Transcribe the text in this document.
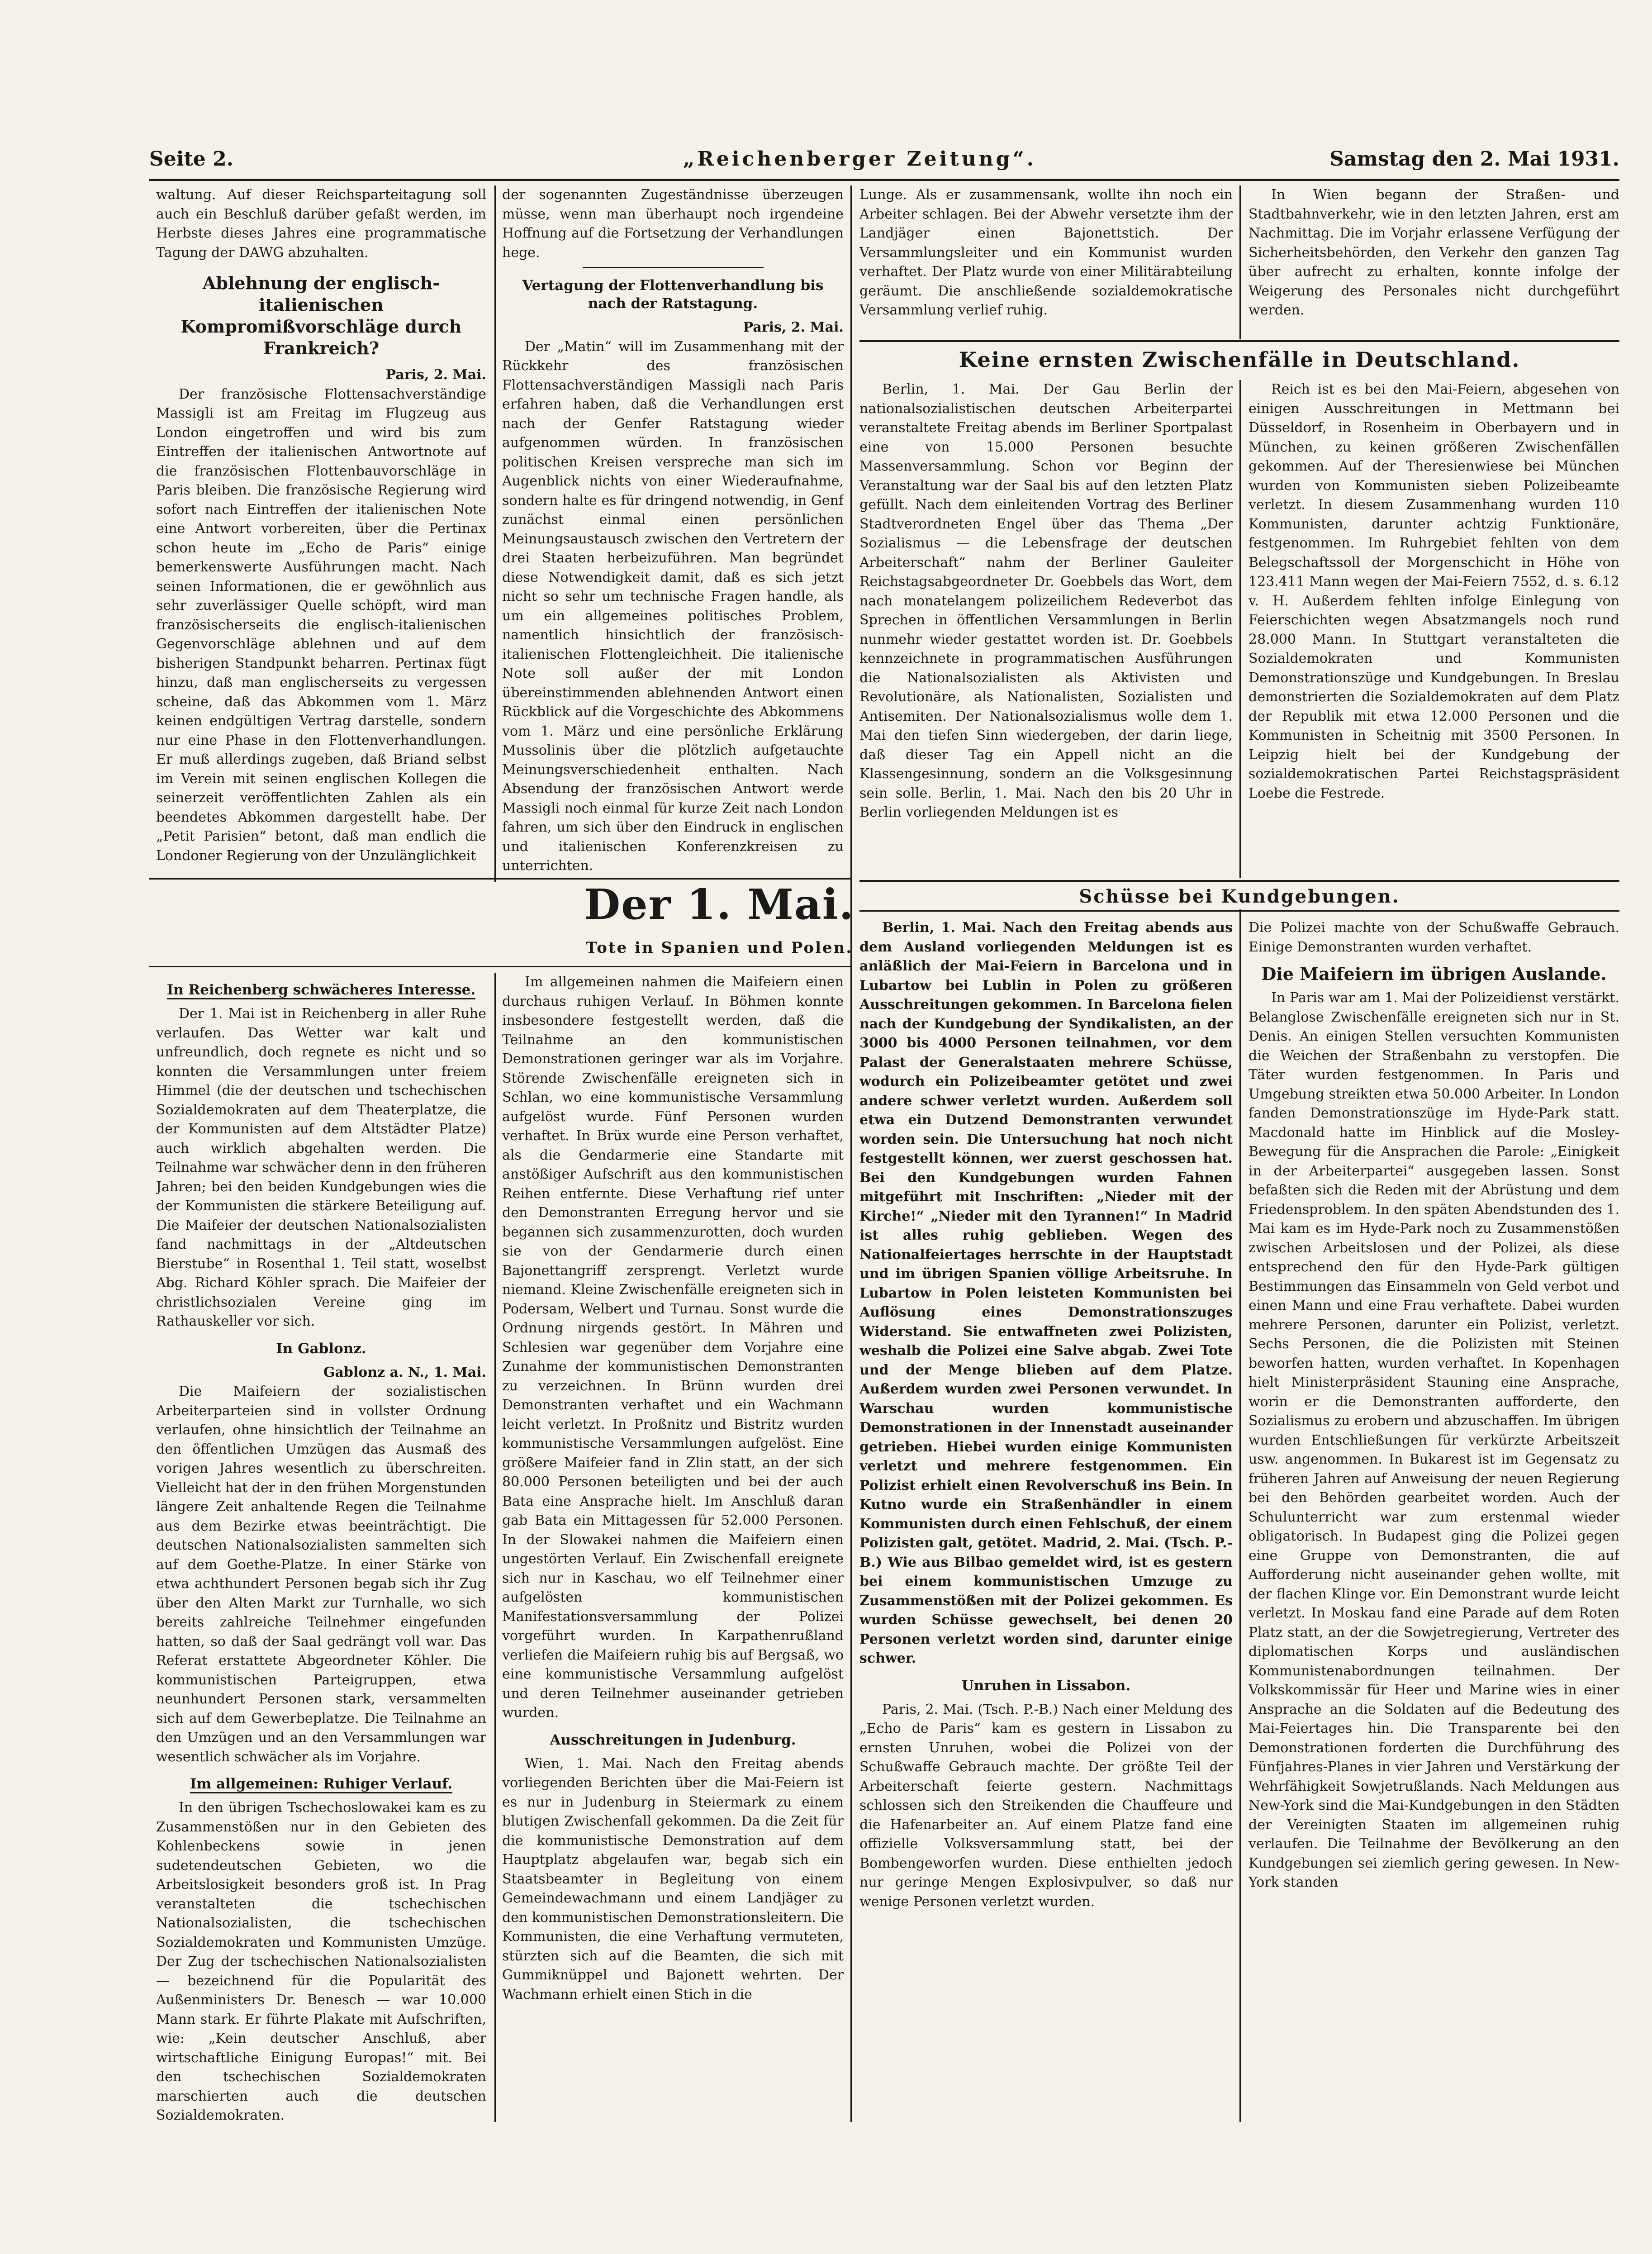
Seite 2.	„Reichenberger Zeitung“.	Samstag den 2. Mai 1931.

waltung. Auf dieser Reichsparteitagung soll auch ein Beschluß darüber gefaßt werden, im Herbste dieses Jahres eine programmatische Tagung der DAWG abzuhalten.

Ablehnung der englisch-italienischen Kompromißvorschläge durch Frankreich?

Paris, 2. Mai.

Der französische Flottensachverständige Massigli ist am Freitag im Flugzeug aus London eingetroffen und wird bis zum Eintreffen der italienischen Antwortnote auf die französischen Flottenbauvorschläge in Paris bleiben. Die französische Regierung wird sofort nach Eintreffen der italienischen Note eine Antwort vorbereiten, über die Pertinax schon heute im „Echo de Paris“ einige bemerkenswerte Ausführungen macht. Nach seinen Informationen, die er gewöhnlich aus sehr zuverlässiger Quelle schöpft, wird man französischerseits die englisch-italienischen Gegenvorschläge ablehnen und auf dem bisherigen Standpunkt beharren. Pertinax fügt hinzu, daß man englischerseits zu vergessen scheine, daß das Abkommen vom 1. März keinen endgültigen Vertrag darstelle, sondern nur eine Phase in den Flottenverhandlungen. Er muß allerdings zugeben, daß Briand selbst im Verein mit seinen englischen Kollegen die seinerzeit veröffentlichten Zahlen als ein beendetes Abkommen dargestellt habe. Der „Petit Parisien“ betont, daß man endlich die Londoner Regierung von der Unzulänglichkeit

der sogenannten Zugeständnisse überzeugen müsse, wenn man überhaupt noch irgendeine Hoffnung auf die Fortsetzung der Verhandlungen hege.

Vertagung der Flottenverhandlung bis nach der Ratstagung.

Paris, 2. Mai.

Der „Matin“ will im Zusammenhang mit der Rückkehr des französischen Flottensachverständigen Massigli nach Paris erfahren haben, daß die Verhandlungen erst nach der Genfer Ratstagung wieder aufgenommen würden. In französischen politischen Kreisen verspreche man sich im Augenblick nichts von einer Wiederaufnahme, sondern halte es für dringend notwendig, in Genf zunächst einmal einen persönlichen Meinungsaustausch zwischen den Vertretern der drei Staaten herbeizuführen. Man begründet diese Notwendigkeit damit, daß es sich jetzt nicht so sehr um technische Fragen handle, als um ein allgemeines politisches Problem, namentlich hinsichtlich der französisch-italienischen Flottengleichheit. Die italienische Note soll außer der mit London übereinstimmenden ablehnenden Antwort einen Rückblick auf die Vorgeschichte des Abkommens vom 1. März und eine persönliche Erklärung Mussolinis über die plötzlich aufgetauchte Meinungsverschiedenheit enthalten. Nach Absendung der französischen Antwort werde Massigli noch einmal für kurze Zeit nach London fahren, um sich über den Eindruck in englischen und italienischen Konferenzkreisen zu unterrichten.

Lunge. Als er zusammensank, wollte ihn noch ein Arbeiter schlagen. Bei der Abwehr versetzte ihm der Landjäger einen Bajonettstich. Der Versammlungsleiter und ein Kommunist wurden verhaftet. Der Platz wurde von einer Militärabteilung geräumt. Die anschließende sozialdemokratische Versammlung verlief ruhig.

In Wien begann der Straßen- und Stadtbahnverkehr, wie in den letzten Jahren, erst am Nachmittag. Die im Vorjahr erlassene Verfügung der Sicherheitsbehörden, den Verkehr den ganzen Tag über aufrecht zu erhalten, konnte infolge der Weigerung des Personales nicht durchgeführt werden.

Keine ernsten Zwischenfälle in Deutschland.

Berlin, 1. Mai. Der Gau Berlin der nationalsozialistischen deutschen Arbeiterpartei veranstaltete Freitag abends im Berliner Sportpalast eine von 15.000 Personen besuchte Massenversammlung. Schon vor Beginn der Veranstaltung war der Saal bis auf den letzten Platz gefüllt. Nach dem einleitenden Vortrag des Berliner Stadtverordneten Engel über das Thema „Der Sozialismus — die Lebensfrage der deutschen Arbeiterschaft“ nahm der Berliner Gauleiter Reichstagsabgeordneter Dr. Goebbels das Wort, dem nach monatelangem polizeilichem Redeverbot das Sprechen in öffentlichen Versammlungen in Berlin nunmehr wieder gestattet worden ist. Dr. Goebbels kennzeichnete in programmatischen Ausführungen die Nationalsozialisten als Aktivisten und Revolutionäre, als Nationalisten, Sozialisten und Antisemiten. Der Nationalsozialismus wolle dem 1. Mai den tiefen Sinn wiedergeben, der darin liege, daß dieser Tag ein Appell nicht an die Klassengesinnung, sondern an die Volksgesinnung sein solle. Berlin, 1. Mai. Nach den bis 20 Uhr in Berlin vorliegenden Meldungen ist es

Reich ist es bei den Mai-Feiern, abgesehen von einigen Ausschreitungen in Mettmann bei Düsseldorf, in Rosenheim in Oberbayern und in München, zu keinen größeren Zwischenfällen gekommen. Auf der Theresienwiese bei München wurden von Kommunisten sieben Polizeibeamte verletzt. In diesem Zusammenhang wurden 110 Kommunisten, darunter achtzig Funktionäre, festgenommen. Im Ruhrgebiet fehlten von dem Belegschaftssoll der Morgenschicht in Höhe von 123.411 Mann wegen der Mai-Feiern 7552, d. s. 6.12 v. H. Außerdem fehlten infolge Einlegung von Feierschichten wegen Absatzmangels noch rund 28.000 Mann. In Stuttgart veranstalteten die Sozialdemokraten und Kommunisten Demonstrationszüge und Kundgebungen. In Breslau demonstrierten die Sozialdemokraten auf dem Platz der Republik mit etwa 12.000 Personen und die Kommunisten in Scheitnig mit 3500 Personen. In Leipzig hielt bei der Kundgebung der sozialdemokratischen Partei Reichstagspräsident Loebe die Festrede.

Der 1. Mai.
Tote in Spanien und Polen.
Schüsse bei Kundgebungen.
In Reichenberg schwächeres Interesse.

Der 1. Mai ist in Reichenberg in aller Ruhe verlaufen. Das Wetter war kalt und unfreundlich, doch regnete es nicht und so konnten die Versammlungen unter freiem Himmel (die der deutschen und tschechischen Sozialdemokraten auf dem Theaterplatze, die der Kommunisten auf dem Altstädter Platze) auch wirklich abgehalten werden. Die Teilnahme war schwächer denn in den früheren Jahren; bei den beiden Kundgebungen wies die der Kommunisten die stärkere Beteiligung auf. Die Maifeier der deutschen Nationalsozialisten fand nachmittags in der „Altdeutschen Bierstube“ in Rosenthal 1. Teil statt, woselbst Abg. Richard Köhler sprach. Die Maifeier der christlichsozialen Vereine ging im Rathauskeller vor sich.

In Gablonz.

Gablonz a. N., 1. Mai.

Die Maifeiern der sozialistischen Arbeiterparteien sind in vollster Ordnung verlaufen, ohne hinsichtlich der Teilnahme an den öffentlichen Umzügen das Ausmaß des vorigen Jahres wesentlich zu überschreiten. Vielleicht hat der in den frühen Morgenstunden längere Zeit anhaltende Regen die Teilnahme aus dem Bezirke etwas beeinträchtigt. Die deutschen Nationalsozialisten sammelten sich auf dem Goethe-Platze. In einer Stärke von etwa achthundert Personen begab sich ihr Zug über den Alten Markt zur Turnhalle, wo sich bereits zahlreiche Teilnehmer eingefunden hatten, so daß der Saal gedrängt voll war. Das Referat erstattete Abgeordneter Köhler. Die kommunistischen Parteigruppen, etwa neunhundert Personen stark, versammelten sich auf dem Gewerbeplatze. Die Teilnahme an den Umzügen und an den Versammlungen war wesentlich schwächer als im Vorjahre.

Im allgemeinen: Ruhiger Verlauf.

In den übrigen Tschechoslowakei kam es zu Zusammenstößen nur in den Gebieten des Kohlenbeckens sowie in jenen sudetendeutschen Gebieten, wo die Arbeitslosigkeit besonders groß ist. In Prag veranstalteten die tschechischen Nationalsozialisten, die tschechischen Sozialdemokraten und Kommunisten Umzüge. Der Zug der tschechischen Nationalsozialisten — bezeichnend für die Popularität des Außenministers Dr. Benesch — war 10.000 Mann stark. Er führte Plakate mit Aufschriften, wie: „Kein deutscher Anschluß, aber wirtschaftliche Einigung Europas!“ mit. Bei den tschechischen Sozialdemokraten marschierten auch die deutschen Sozialdemokraten.

Im allgemeinen nahmen die Maifeiern einen durchaus ruhigen Verlauf. In Böhmen konnte insbesondere festgestellt werden, daß die Teilnahme an den kommunistischen Demonstrationen geringer war als im Vorjahre. Störende Zwischenfälle ereigneten sich in Schlan, wo eine kommunistische Versammlung aufgelöst wurde. Fünf Personen wurden verhaftet. In Brüx wurde eine Person verhaftet, als die Gendarmerie eine Standarte mit anstößiger Aufschrift aus den kommunistischen Reihen entfernte. Diese Verhaftung rief unter den Demonstranten Erregung hervor und sie begannen sich zusammenzurotten, doch wurden sie von der Gendarmerie durch einen Bajonettangriff zersprengt. Verletzt wurde niemand. Kleine Zwischenfälle ereigneten sich in Podersam, Welbert und Turnau. Sonst wurde die Ordnung nirgends gestört. In Mähren und Schlesien war gegenüber dem Vorjahre eine Zunahme der kommunistischen Demonstranten zu verzeichnen. In Brünn wurden drei Demonstranten verhaftet und ein Wachmann leicht verletzt. In Proßnitz und Bistritz wurden kommunistische Versammlungen aufgelöst. Eine größere Maifeier fand in Zlin statt, an der sich 80.000 Personen beteiligten und bei der auch Bata eine Ansprache hielt. Im Anschluß daran gab Bata ein Mittagessen für 52.000 Personen. In der Slowakei nahmen die Maifeiern einen ungestörten Verlauf. Ein Zwischenfall ereignete sich nur in Kaschau, wo elf Teilnehmer einer aufgelösten kommunistischen Manifestationsversammlung der Polizei vorgeführt wurden. In Karpathenrußland verliefen die Maifeiern ruhig bis auf Bergsaß, wo eine kommunistische Versammlung aufgelöst und deren Teilnehmer auseinander getrieben wurden.

Ausschreitungen in Judenburg.

Wien, 1. Mai. Nach den Freitag abends vorliegenden Berichten über die Mai-Feiern ist es nur in Judenburg in Steiermark zu einem blutigen Zwischenfall gekommen. Da die Zeit für die kommunistische Demonstration auf dem Hauptplatz abgelaufen war, begab sich ein Staatsbeamter in Begleitung von einem Gemeindewachmann und einem Landjäger zu den kommunistischen Demonstrationsleitern. Die Kommunisten, die eine Verhaftung vermuteten, stürzten sich auf die Beamten, die sich mit Gummiknüppel und Bajonett wehrten. Der Wachmann erhielt einen Stich in die

Berlin, 1. Mai. Nach den Freitag abends aus dem Ausland vorliegenden Meldungen ist es anläßlich der Mai-Feiern in Barcelona und in Lubartow bei Lublin in Polen zu größeren Ausschreitungen gekommen. In Barcelona fielen nach der Kundgebung der Syndikalisten, an der 3000 bis 4000 Personen teilnahmen, vor dem Palast der Generalstaaten mehrere Schüsse, wodurch ein Polizeibeamter getötet und zwei andere schwer verletzt wurden. Außerdem soll etwa ein Dutzend Demonstranten verwundet worden sein. Die Untersuchung hat noch nicht festgestellt können, wer zuerst geschossen hat. Bei den Kundgebungen wurden Fahnen mitgeführt mit Inschriften: „Nieder mit der Kirche!“ „Nieder mit den Tyrannen!“ In Madrid ist alles ruhig geblieben. Wegen des Nationalfeiertages herrschte in der Hauptstadt und im übrigen Spanien völlige Arbeitsruhe. In Lubartow in Polen leisteten Kommunisten bei Auflösung eines Demonstrationszuges Widerstand. Sie entwaffneten zwei Polizisten, weshalb die Polizei eine Salve abgab. Zwei Tote und der Menge blieben auf dem Platze. Außerdem wurden zwei Personen verwundet. In Warschau wurden kommunistische Demonstrationen in der Innenstadt auseinander getrieben. Hiebei wurden einige Kommunisten verletzt und mehrere festgenommen. Ein Polizist erhielt einen Revolverschuß ins Bein. In Kutno wurde ein Straßenhändler in einem Kommunisten durch einen Fehlschuß, der einem Polizisten galt, getötet. Madrid, 2. Mai. (Tsch. P.-B.) Wie aus Bilbao gemeldet wird, ist es gestern bei einem kommunistischen Umzuge zu Zusammenstößen mit der Polizei gekommen. Es wurden Schüsse gewechselt, bei denen 20 Personen verletzt worden sind, darunter einige schwer.

Unruhen in Lissabon.

Paris, 2. Mai. (Tsch. P.-B.) Nach einer Meldung des „Echo de Paris“ kam es gestern in Lissabon zu ernsten Unruhen, wobei die Polizei von der Schußwaffe Gebrauch machte. Der größte Teil der Arbeiterschaft feierte gestern. Nachmittags schlossen sich den Streikenden die Chauffeure und die Hafenarbeiter an. Auf einem Platze fand eine offizielle Volksversammlung statt, bei der Bombengeworfen wurden. Diese enthielten jedoch nur geringe Mengen Explosivpulver, so daß nur wenige Personen verletzt wurden.

Die Polizei machte von der Schußwaffe Gebrauch. Einige Demonstranten wurden verhaftet.

Die Maifeiern im übrigen Auslande.

In Paris war am 1. Mai der Polizeidienst verstärkt. Belanglose Zwischenfälle ereigneten sich nur in St. Denis. An einigen Stellen versuchten Kommunisten die Weichen der Straßenbahn zu verstopfen. Die Täter wurden festgenommen. In Paris und Umgebung streikten etwa 50.000 Arbeiter. In London fanden Demonstrationszüge im Hyde-Park statt. Macdonald hatte im Hinblick auf die Mosley-Bewegung für die Ansprachen die Parole: „Einigkeit in der Arbeiterpartei“ ausgegeben lassen. Sonst befaßten sich die Reden mit der Abrüstung und dem Friedensproblem. In den späten Abendstunden des 1. Mai kam es im Hyde-Park noch zu Zusammenstößen zwischen Arbeitslosen und der Polizei, als diese entsprechend den für den Hyde-Park gültigen Bestimmungen das Einsammeln von Geld verbot und einen Mann und eine Frau verhaftete. Dabei wurden mehrere Personen, darunter ein Polizist, verletzt. Sechs Personen, die die Polizisten mit Steinen beworfen hatten, wurden verhaftet. In Kopenhagen hielt Ministerpräsident Stauning eine Ansprache, worin er die Demonstranten aufforderte, den Sozialismus zu erobern und abzuschaffen. Im übrigen wurden Entschließungen für verkürzte Arbeitszeit usw. angenommen. In Bukarest ist im Gegensatz zu früheren Jahren auf Anweisung der neuen Regierung bei den Behörden gearbeitet worden. Auch der Schulunterricht war zum erstenmal wieder obligatorisch. In Budapest ging die Polizei gegen eine Gruppe von Demonstranten, die auf Aufforderung nicht auseinander gehen wollte, mit der flachen Klinge vor. Ein Demonstrant wurde leicht verletzt. In Moskau fand eine Parade auf dem Roten Platz statt, an der die Sowjetregierung, Vertreter des diplomatischen Korps und ausländischen Kommunistenabordnungen teilnahmen. Der Volkskommissär für Heer und Marine wies in einer Ansprache an die Soldaten auf die Bedeutung des Mai-Feiertages hin. Die Transparente bei den Demonstrationen forderten die Durchführung des Fünfjahres-Planes in vier Jahren und Verstärkung der Wehrfähigkeit Sowjetrußlands. Nach Meldungen aus New-York sind die Mai-Kundgebungen in den Städten der Vereinigten Staaten im allgemeinen ruhig verlaufen. Die Teilnahme der Bevölkerung an den Kundgebungen sei ziemlich gering gewesen. In New-York standen
